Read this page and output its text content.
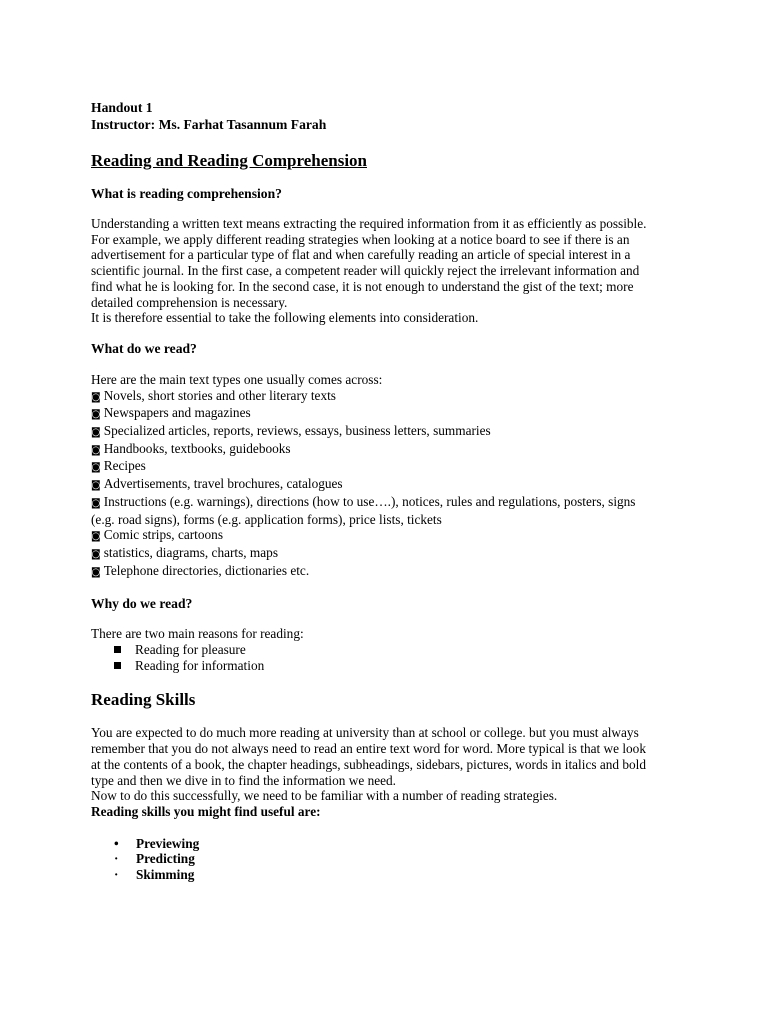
Handout 1
Instructor: Ms. Farhat Tasannum Farah
Reading and Reading Comprehension
What is reading comprehension?
Understanding a written text means extracting the required information from it as efficiently as possible.
For example, we apply different reading strategies when looking at a notice board to see if there is an
advertisement for a particular type of flat and when carefully reading an article of special interest in a
scientific journal. In the first case, a competent reader will quickly reject the irrelevant information and
find what he is looking for. In the second case, it is not enough to understand the gist of the text; more
detailed comprehension is necessary.
It is therefore essential to take the following elements into consideration.
What do we read?
Here are the main text types one usually comes across:
◙ Novels, short stories and other literary texts
◙ Newspapers and magazines
◙ Specialized articles, reports, reviews, essays, business letters, summaries
◙ Handbooks, textbooks, guidebooks
◙ Recipes
◙ Advertisements, travel brochures, catalogues
◙ Instructions (e.g. warnings), directions (how to use….), notices, rules and regulations, posters, signs
(e.g. road signs), forms (e.g. application forms), price lists, tickets
◙ Comic strips, cartoons
◙ statistics, diagrams, charts, maps
◙ Telephone directories, dictionaries etc.
Why do we read?
There are two main reasons for reading:
Reading for pleasure
Reading for information
Reading Skills
You are expected to do much more reading at university than at school or college. but you must always
remember that you do not always need to read an entire text word for word. More typical is that we look
at the contents of a book, the chapter headings, subheadings, sidebars, pictures, words in italics and bold
type and then we dive in to find the information we need.
Now to do this successfully, we need to be familiar with a number of reading strategies.
Reading skills you might find useful are:
• Previewing
· Predicting
· Skimming
